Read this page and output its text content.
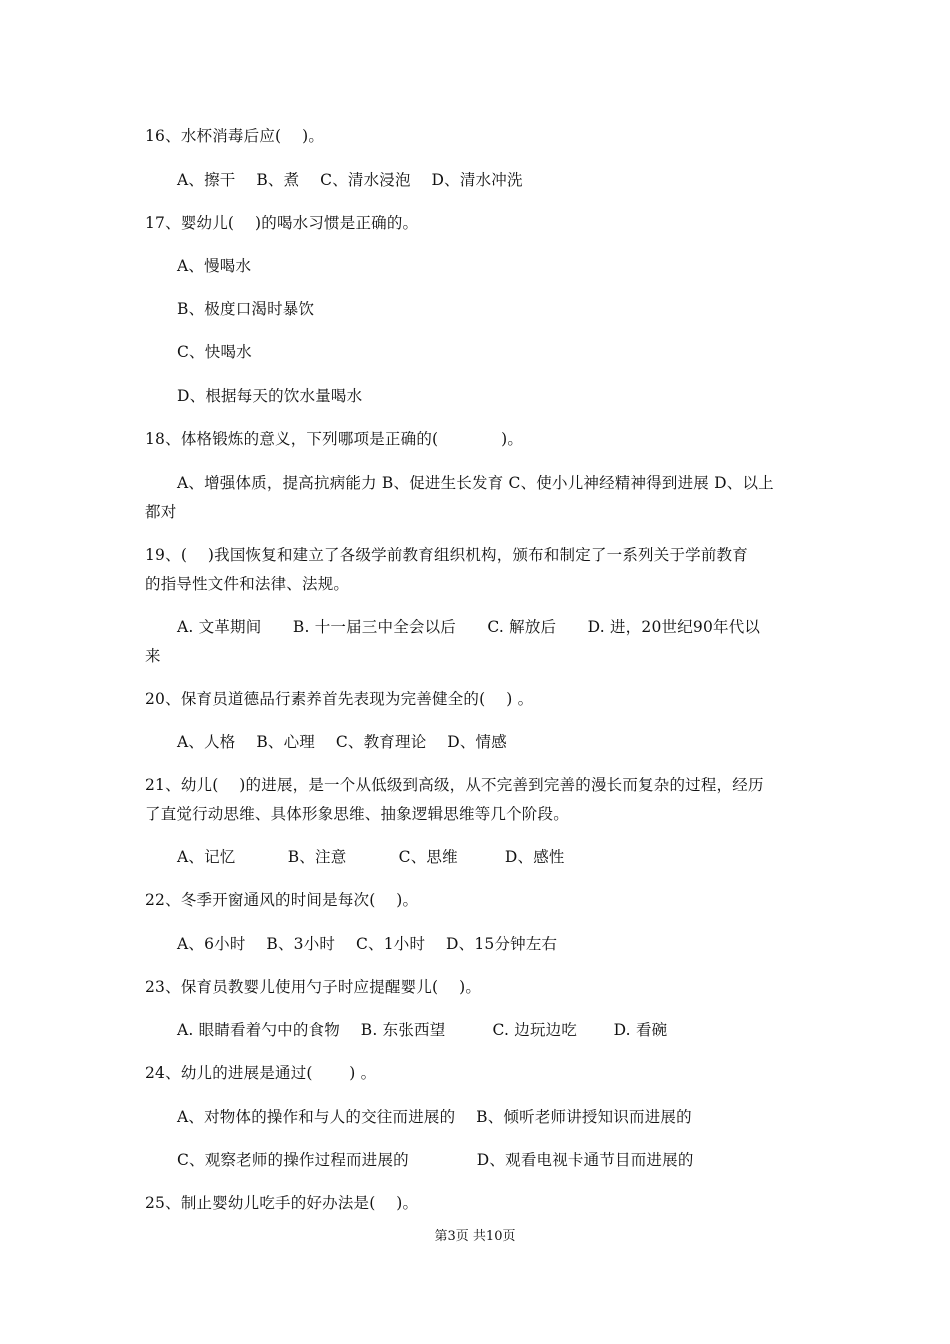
16、水杯消毒后应(　 )。
A、擦干　 B、煮　 C、清水浸泡　 D、清水冲洗
17、婴幼儿(　 )的喝水习惯是正确的。
A、慢喝水
B、极度口渴时暴饮
C、快喝水
D、根据每天的饮水量喝水
18、体格锻炼的意义，下列哪项是正确的(　　　　)。
A、增强体质，提高抗病能力 B、促进生长发育 C、使小儿神经精神得到进展 D、以上
都对
19、(　 )我国恢复和建立了各级学前教育组织机构，颁布和制定了一系列关于学前教育
的指导性文件和法律、法规。
A. 文革期间　　B. 十一届三中全会以后　　C. 解放后　　D. 进，20世纪90年代以
来
20、保育员道德品行素养首先表现为完善健全的(　 ) 。
A、人格　 B、心理　 C、教育理论　 D、情感
21、幼儿(　 )的进展，是一个从低级到高级，从不完善到完善的漫长而复杂的过程，经历
了直觉行动思维、具体形象思维、抽象逻辑思维等几个阶段。
A、记忆　　　 B、注意　　　 C、思维　　　D、感性
22、冬季开窗通风的时间是每次(　 )。
A、6小时　 B、3小时　 C、1小时　 D、15分钟左右
23、保育员教婴儿使用勺子时应提醒婴儿(　 )。
A. 眼睛看着勺中的食物　 B. 东张西望　　　C. 边玩边吃　　 D. 看碗
24、幼儿的进展是通过(　　 ) 。
A、对物体的操作和与人的交往而进展的　 B、倾听老师讲授知识而进展的
C、观察老师的操作过程而进展的　　　　 D、观看电视卡通节目而进展的
25、制止婴幼儿吃手的好办法是(　 )。
第3页 共10页
